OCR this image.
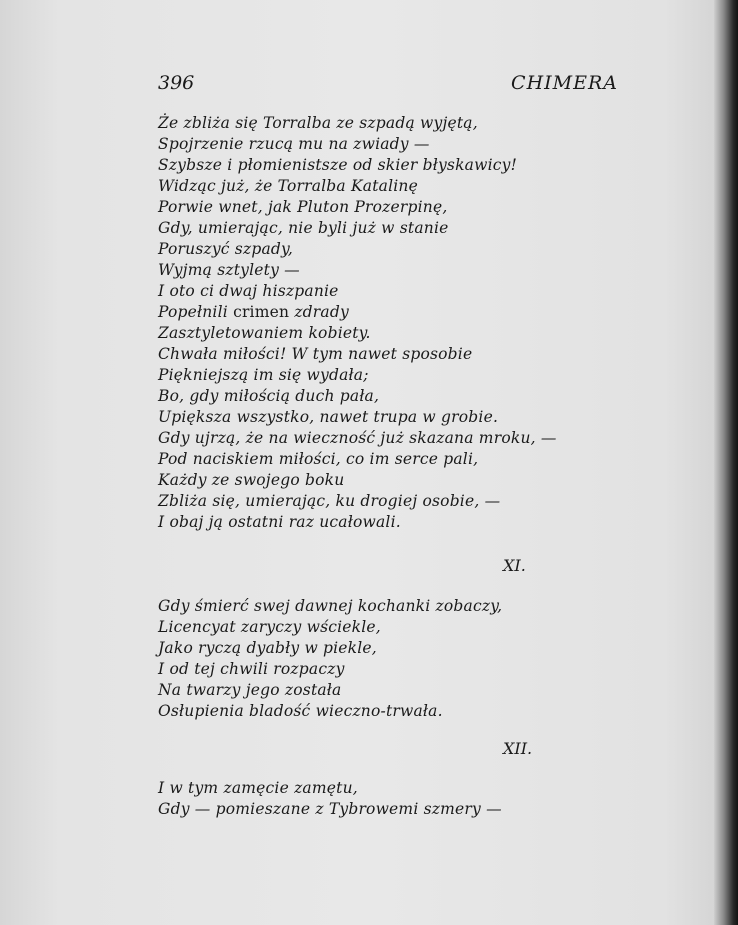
396	CHIMERA
Że zbliża się Torralba ze szpadą wyjętą,
Spojrzenie rzucą mu na zwiady —
Szybsze i płomienistsze od skier błyskawicy!
Widząc już, że Torralba Katalinę
Porwie wnet, jak Pluton Prozerpinę,
Gdy, umierając, nie byli już w stanie
Poruszyć szpady,
Wyjmą sztylety —
I oto ci dwaj hiszpanie
Popełnili crimen zdrady
Zasztyletowaniem kobiety.
Chwała miłości! W tym nawet sposobie
Piękniejszą im się wydała;
Bo, gdy miłością duch pała,
Upiększa wszystko, nawet trupa w grobie.
Gdy ujrzą, że na wieczność już skazana mroku, —
Pod naciskiem miłości, co im serce pali,
Każdy ze swojego boku
Zbliża się, umierając, ku drogiej osobie, —
I obaj ją ostatni raz ucałowali.
XI.
Gdy śmierć swej dawnej kochanki zobaczy,
Licencyat zaryczy wściekle,
Jako ryczą dyabły w piekle,
I od tej chwili rozpaczy
Na twarzy jego została
Osłupienia bladość wieczno-trwała.
XII.
I w tym zamęcie zamętu,
Gdy — pomieszane z Tybrowemi szmery —
